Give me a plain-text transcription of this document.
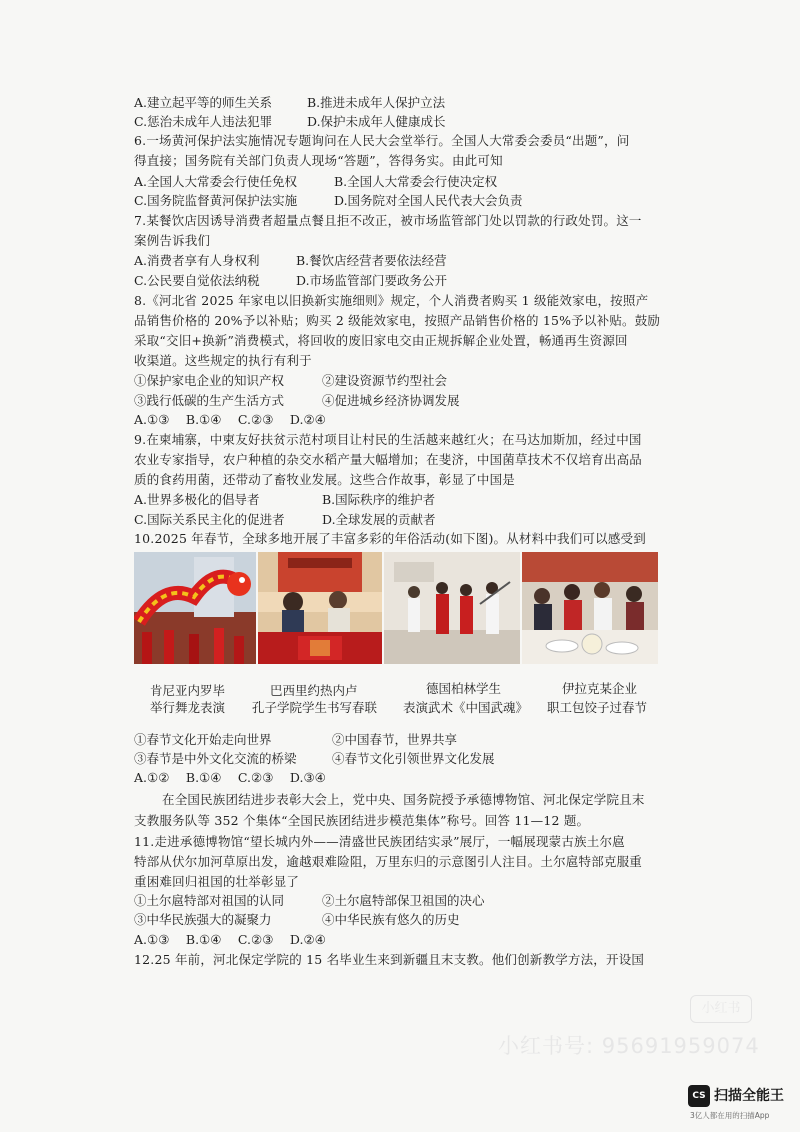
A.建立起平等的师生关系	B.推进未成年人保护立法
C.惩治未成年人违法犯罪	D.保护未成年人健康成长
6.一场黄河保护法实施情况专题询问在人民大会堂举行。全国人大常委会委员“出题”，问
得直接；国务院有关部门负责人现场“答题”，答得务实。由此可知
A.全国人大常委会行使任免权	B.全国人大常委会行使决定权
C.国务院监督黄河保护法实施	D.国务院对全国人民代表大会负责
7.某餐饮店因诱导消费者超量点餐且拒不改正，被市场监管部门处以罚款的行政处罚。这一
案例告诉我们
A.消费者享有人身权利	B.餐饮店经营者要依法经营
C.公民要自觉依法纳税	D.市场监管部门要政务公开
8.《河北省 2025 年家电以旧换新实施细则》规定，个人消费者购买 1 级能效家电，按照产
品销售价格的 20%予以补贴；购买 2 级能效家电，按照产品销售价格的 15%予以补贴。鼓励
采取“交旧+换新”消费模式，将回收的废旧家电交由正规拆解企业处置，畅通再生资源回
收渠道。这些规定的执行有利于
①保护家电企业的知识产权	②建设资源节约型社会
③践行低碳的生产生活方式	④促进城乡经济协调发展
A.①③　 B.①④　 C.②③　 D.②④
9.在柬埔寨，中柬友好扶贫示范村项目让村民的生活越来越红火；在马达加斯加，经过中国
农业专家指导，农户种植的杂交水稻产量大幅增加；在斐济，中国菌草技术不仅培育出高品
质的食药用菌，还带动了畜牧业发展。这些合作故事，彰显了中国是
A.世界多极化的倡导者	B.国际秩序的维护者
C.国际关系民主化的促进者	D.全球发展的贡献者
10.2025 年春节，全球多地开展了丰富多彩的年俗活动(如下图)。从材料中我们可以感受到
肯尼亚内罗毕
举行舞龙表演
巴西里约热内卢
孔子学院学生书写春联
德国柏林学生
表演武术《中国武魂》
伊拉克某企业
职工包饺子过春节
①春节文化开始走向世界	②中国春节，世界共享
③春节是中外文化交流的桥梁	④春节文化引领世界文化发展
A.①②　 B.①④　 C.②③　 D.③④
在全国民族团结进步表彰大会上，党中央、国务院授予承德博物馆、河北保定学院且末
支教服务队等 352 个集体“全国民族团结进步模范集体”称号。回答 11—12 题。
11.走进承德博物馆“望长城内外——清盛世民族团结实录”展厅，一幅展现蒙古族土尔扈
特部从伏尔加河草原出发，逾越艰难险阻，万里东归的示意图引人注目。土尔扈特部克服重
重困难回归祖国的壮举彰显了
①土尔扈特部对祖国的认同	②土尔扈特部保卫祖国的决心
③中华民族强大的凝聚力	④中华民族有悠久的历史
A.①③　 B.①④　 C.②③　 D.②④
12.25 年前，河北保定学院的 15 名毕业生来到新疆且末支教。他们创新教学方法，开设国
小红书
小红书号: 95691959074
CS 扫描全能王
3亿人都在用的扫描App
